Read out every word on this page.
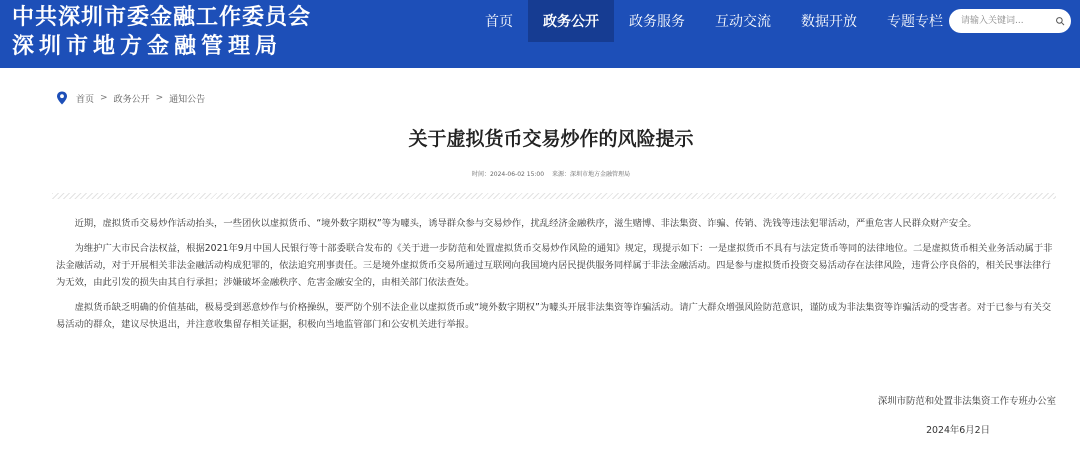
中共深圳市委金融工作委员会
深圳市地方金融管理局
首页	政务公开	政务服务	互动交流	数据开放	专题专栏
请输入关键词...
首页 > 政务公开 > 通知公告
关于虚拟货币交易炒作的风险提示
时间：2024-06-02 15:00 来源：深圳市地方金融管理局

近期，虚拟货币交易炒作活动抬头，一些团伙以虚拟货币、“境外数字期权”等为噱头，诱导群众参与交易炒作，扰乱经济金融秩序，滋生赌博、非法集资、诈骗、传销、洗钱等违法犯罪活动，严重危害人民群众财产安全。

为维护广大市民合法权益，根据2021年9月中国人民银行等十部委联合发布的《关于进一步防范和处置虚拟货币交易炒作风险的通知》规定，现提示如下：一是虚拟货币不具有与法定货币等同的法律地位。二是虚拟货币相关业务活动属于非法金融活动，对于开展相关非法金融活动构成犯罪的，依法追究刑事责任。三是境外虚拟货币交易所通过互联网向我国境内居民提供服务同样属于非法金融活动。四是参与虚拟货币投资交易活动存在法律风险，违背公序良俗的，相关民事法律行为无效，由此引发的损失由其自行承担；涉嫌破坏金融秩序、危害金融安全的，由相关部门依法查处。

虚拟货币缺乏明确的价值基础，极易受到恶意炒作与价格操纵，要严防个别不法企业以虚拟货币或“境外数字期权”为噱头开展非法集资等诈骗活动。请广大群众增强风险防范意识，谨防成为非法集资等诈骗活动的受害者。对于已参与有关交易活动的群众，建议尽快退出，并注意收集留存相关证据，积极向当地监管部门和公安机关进行举报。

深圳市防范和处置非法集资工作专班办公室
2024年6月2日
